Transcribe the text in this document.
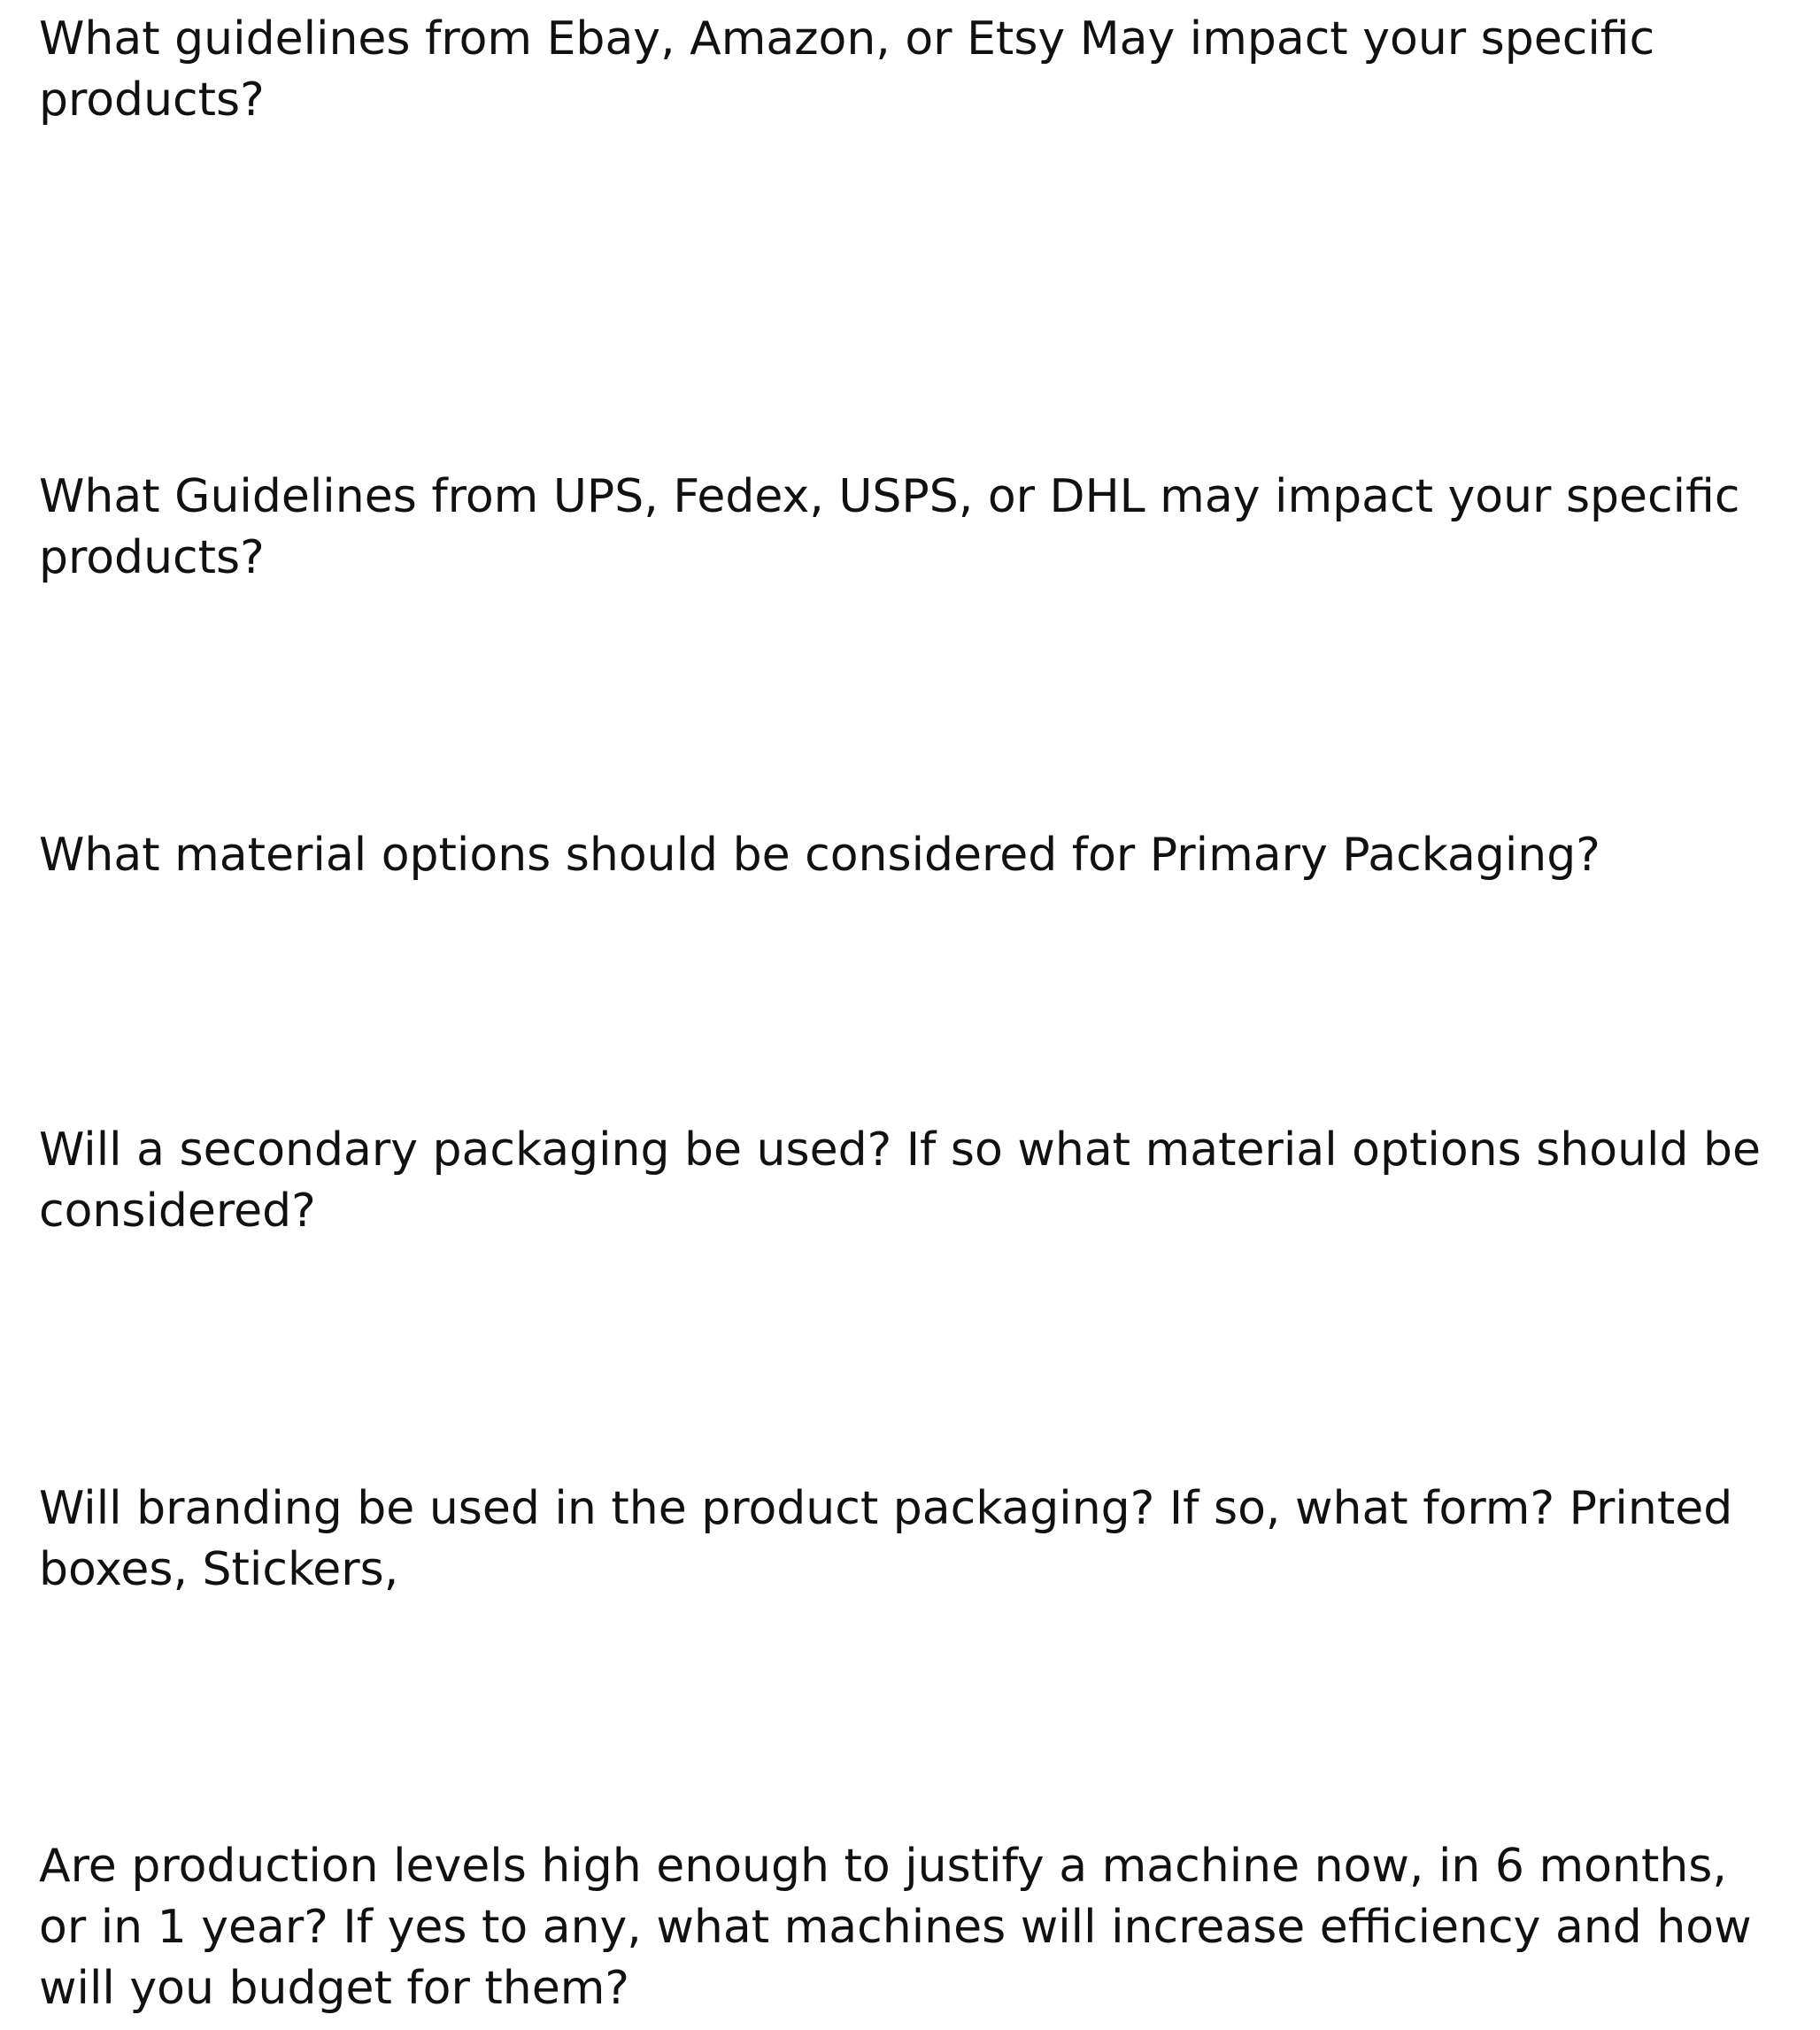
What guidelines from Ebay, Amazon, or Etsy May impact your specific products?

What Guidelines from UPS, Fedex, USPS, or DHL may impact your specific products?

What material options should be considered for Primary Packaging?

Will a secondary packaging be used? If so what material options should be considered?

Will branding be used in the product packaging? If so, what form? Printed boxes, Stickers,

Are production levels high enough to justify a machine now, in 6 months, or in 1 year? If yes to any, what machines will increase efficiency and how will you budget for them?
